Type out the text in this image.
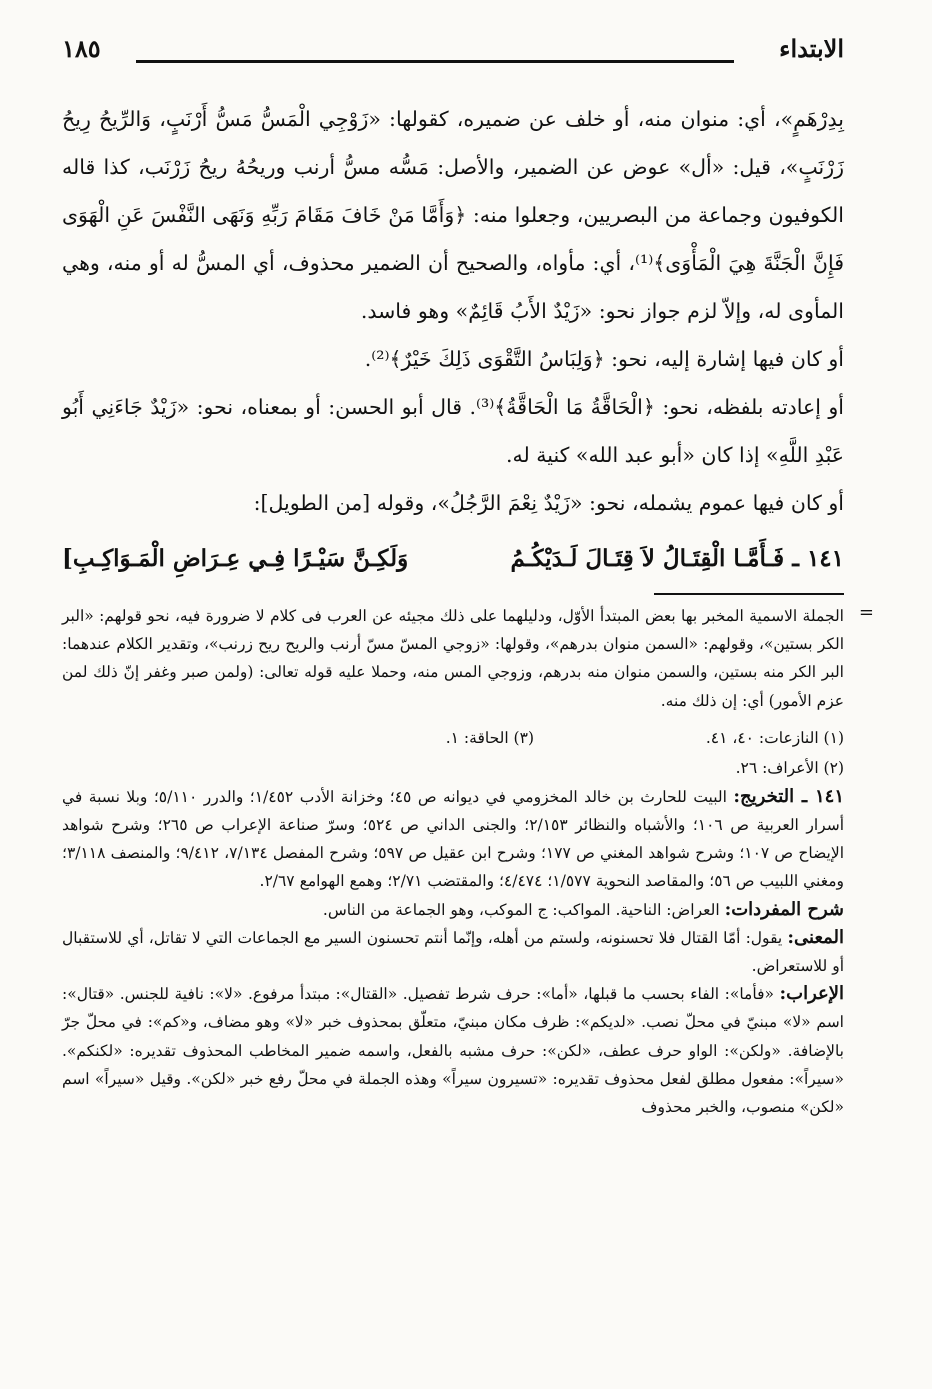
الابتداء
١٨٥

بِدِرْهَمٍ»، أي: منوان منه، أو خلف عن ضميره، كقولها: «زَوْجِي الْمَسُّ مَسُّ أَرْنَبٍ، وَالرِّيحُ رِيحُ زَرْنَبٍ»، قيل: «أل» عوض عن الضمير، والأصل: مَسُّه مسُّ أرنب وريحُهُ ريحُ زَرْنَب، كذا قاله الكوفيون وجماعة من البصريين، وجعلوا منه: ﴿وَأَمَّا مَنْ خَافَ مَقَامَ رَبِّهِ وَنَهَى النَّفْسَ عَنِ الْهَوَى فَإِنَّ الْجَنَّةَ هِيَ الْمَأْوَى﴾⁽¹⁾، أي: مأواه، والصحيح أن الضمير محذوف، أي المسُّ له أو منه، وهي المأوى له، وإلاّ لزم جواز نحو: «زَيْدٌ الأَبُ قَائِمٌ» وهو فاسد.

أو كان فيها إشارة إليه، نحو: ﴿وَلِبَاسُ التَّقْوَى ذَلِكَ خَيْرٌ﴾⁽²⁾.

أو إعادته بلفظه، نحو: ﴿الْحَاقَّةُ مَا الْحَاقَّةُ﴾⁽³⁾. قال أبو الحسن: أو بمعناه، نحو: «زَيْدٌ جَاءَنِي أَبُو عَبْدِ اللَّهِ» إذا كان «أبو عبد الله» كنية له.

أو كان فيها عموم يشمله، نحو: «زَيْدٌ نِعْمَ الرَّجُلُ»، وقوله [من الطويل]:

١٤١ ـ فَـأَمَّـا الْقِتَـالُ لاَ قِتَـالَ لَـدَيْكُـمُ
وَلَكِـنَّ سَيْـرًا فِـي عِـرَاضِ الْمَـوَاكِـبِ]
=

الجملة الاسمية المخبر بها بعض المبتدأ الأوّل، ودليلهما على ذلك مجيئه عن العرب فى كلام لا ضرورة فيه، نحو قولهم: «البر الكر بستين»، وقولهم: «السمن منوان بدرهم»، وقولها: «زوجي المسّ مسّ أرنب والريح ريح زرنب»، وتقدير الكلام عندهما: البر الكر منه بستين، والسمن منوان منه بدرهم، وزوجي المس منه، وحملا عليه قوله تعالى: (ولمن صبر وغفر إنّ ذلك لمن عزم الأمور) أي: إن ذلك منه.

(١) النازعات: ٤٠، ٤١.
(٣) الحاقة: ١.
(٢) الأعراف: ٢٦.

١٤١ ـ التخريج: البيت للحارث بن خالد المخزومي في ديوانه ص ٤٥؛ وخزانة الأدب ١/٤٥٢؛ والدرر ٥/١١٠؛ وبلا نسبة في أسرار العربية ص ١٠٦؛ والأشباه والنظائر ٢/١٥٣؛ والجنى الداني ص ٥٢٤؛ وسرّ صناعة الإعراب ص ٢٦٥؛ وشرح شواهد الإيضاح ص ١٠٧؛ وشرح شواهد المغني ص ١٧٧؛ وشرح ابن عقيل ص ٥٩٧؛ وشرح المفصل ٧/١٣٤، ٩/٤١٢؛ والمنصف ٣/١١٨؛ ومغني اللبيب ص ٥٦؛ والمقاصد النحوية ١/٥٧٧؛ ٤/٤٧٤؛ والمقتضب ٢/٧١؛ وهمع الهوامع ٢/٦٧.

شرح المفردات: العراض: الناحية. المواكب: ج الموكب، وهو الجماعة من الناس.

المعنى: يقول: أمّا القتال فلا تحسنونه، ولستم من أهله، وإنّما أنتم تحسنون السير مع الجماعات التي لا تقاتل، أي للاستقبال أو للاستعراض.

الإعراب: «فأما»: الفاء بحسب ما قبلها، «أما»: حرف شرط تفصيل. «القتال»: مبتدأ مرفوع. «لا»: نافية للجنس. «قتال»: اسم «لا» مبنيّ في محلّ نصب. «لديكم»: ظرف مكان مبنيّ، متعلّق بمحذوف خبر «لا» وهو مضاف، و«كم»: في محلّ جرّ بالإضافة. «ولكن»: الواو حرف عطف، «لكن»: حرف مشبه بالفعل، واسمه ضمير المخاطب المحذوف تقديره: «لكنكم». «سيراً»: مفعول مطلق لفعل محذوف تقديره: «تسيرون سيراً» وهذه الجملة في محلّ رفع خبر «لكن». وقيل «سيراً» اسم «لكن» منصوب، والخبر محذوف
